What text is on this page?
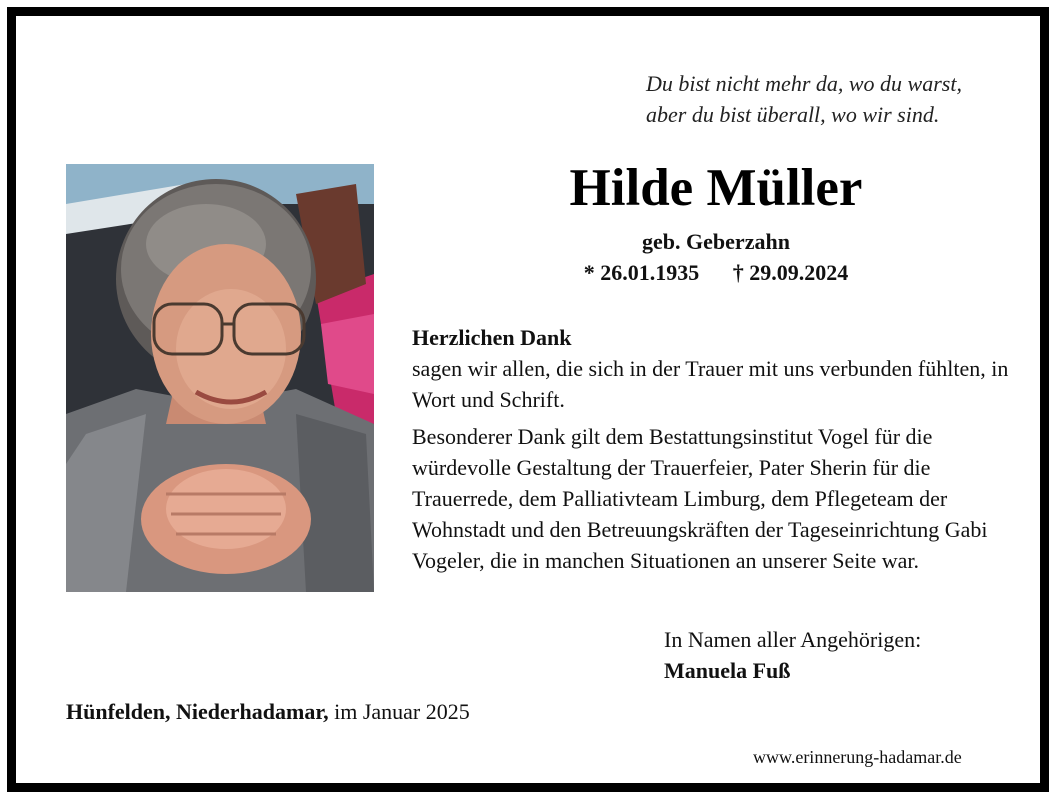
Du bist nicht mehr da, wo du warst,
aber du bist überall, wo wir sind.
Hilde Müller
geb. Geberzahn
* 26.01.1935 † 29.09.2024
Herzlichen Dank

sagen wir allen, die sich in der Trauer mit uns verbunden fühlten, in Wort und Schrift.

Besonderer Dank gilt dem Bestattungsinstitut Vogel für die würdevolle Gestaltung der Trauerfeier, Pater Sherin für die Trauerrede, dem Palliativteam Limburg, dem Pflegeteam der Wohnstadt und den Betreuungskräften der Tageseinrichtung Gabi Vogeler, die in manchen Situationen an unserer Seite war.

In Namen aller Angehörigen:
Manuela Fuß
Hünfelden, Niederhadamar, im Januar 2025
www.erinnerung-hadamar.de
